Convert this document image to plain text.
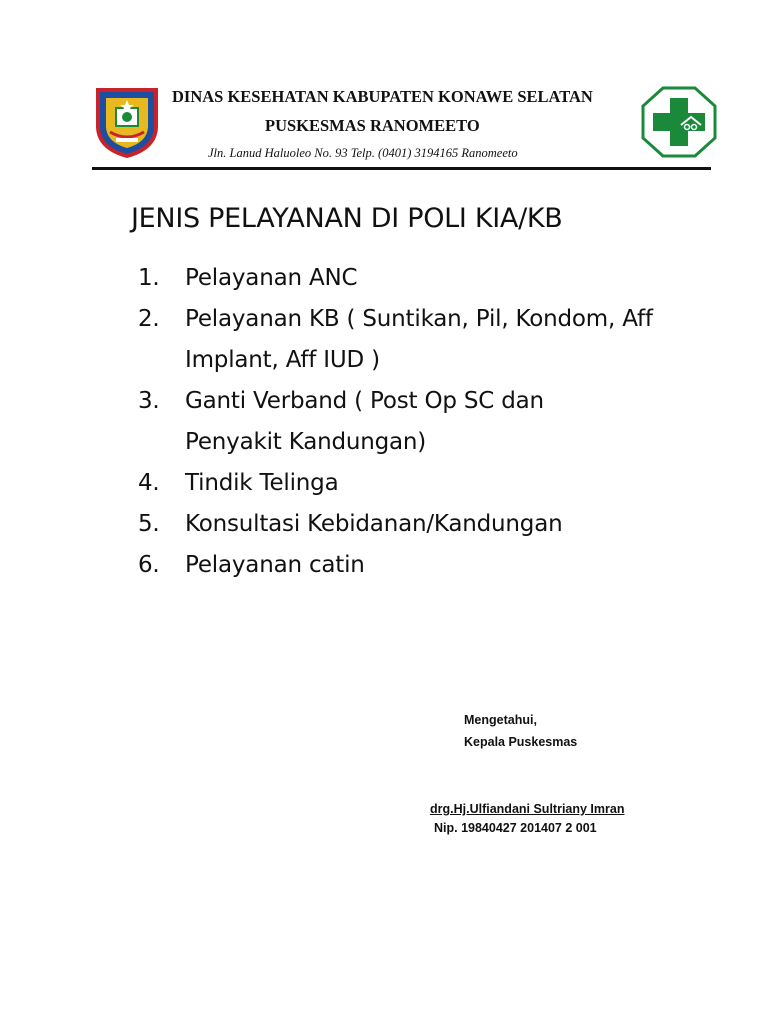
DINAS KESEHATAN KABUPATEN KONAWE SELATAN
PUSKESMAS RANOMEETO
Jln. Lanud Haluoleo No. 93 Telp. (0401) 3194165 Ranomeeto
JENIS PELAYANAN DI POLI KIA/KB
1. Pelayanan ANC
2. Pelayanan KB ( Suntikan, Pil, Kondom, Aff Implant, Aff IUD )
3. Ganti Verband ( Post Op SC dan Penyakit Kandungan)
4. Tindik Telinga
5. Konsultasi Kebidanan/Kandungan
6. Pelayanan catin
Mengetahui,
Kepala Puskesmas
drg.Hj.Ulfiandani Sultriany Imran
Nip. 19840427 201407 2 001
